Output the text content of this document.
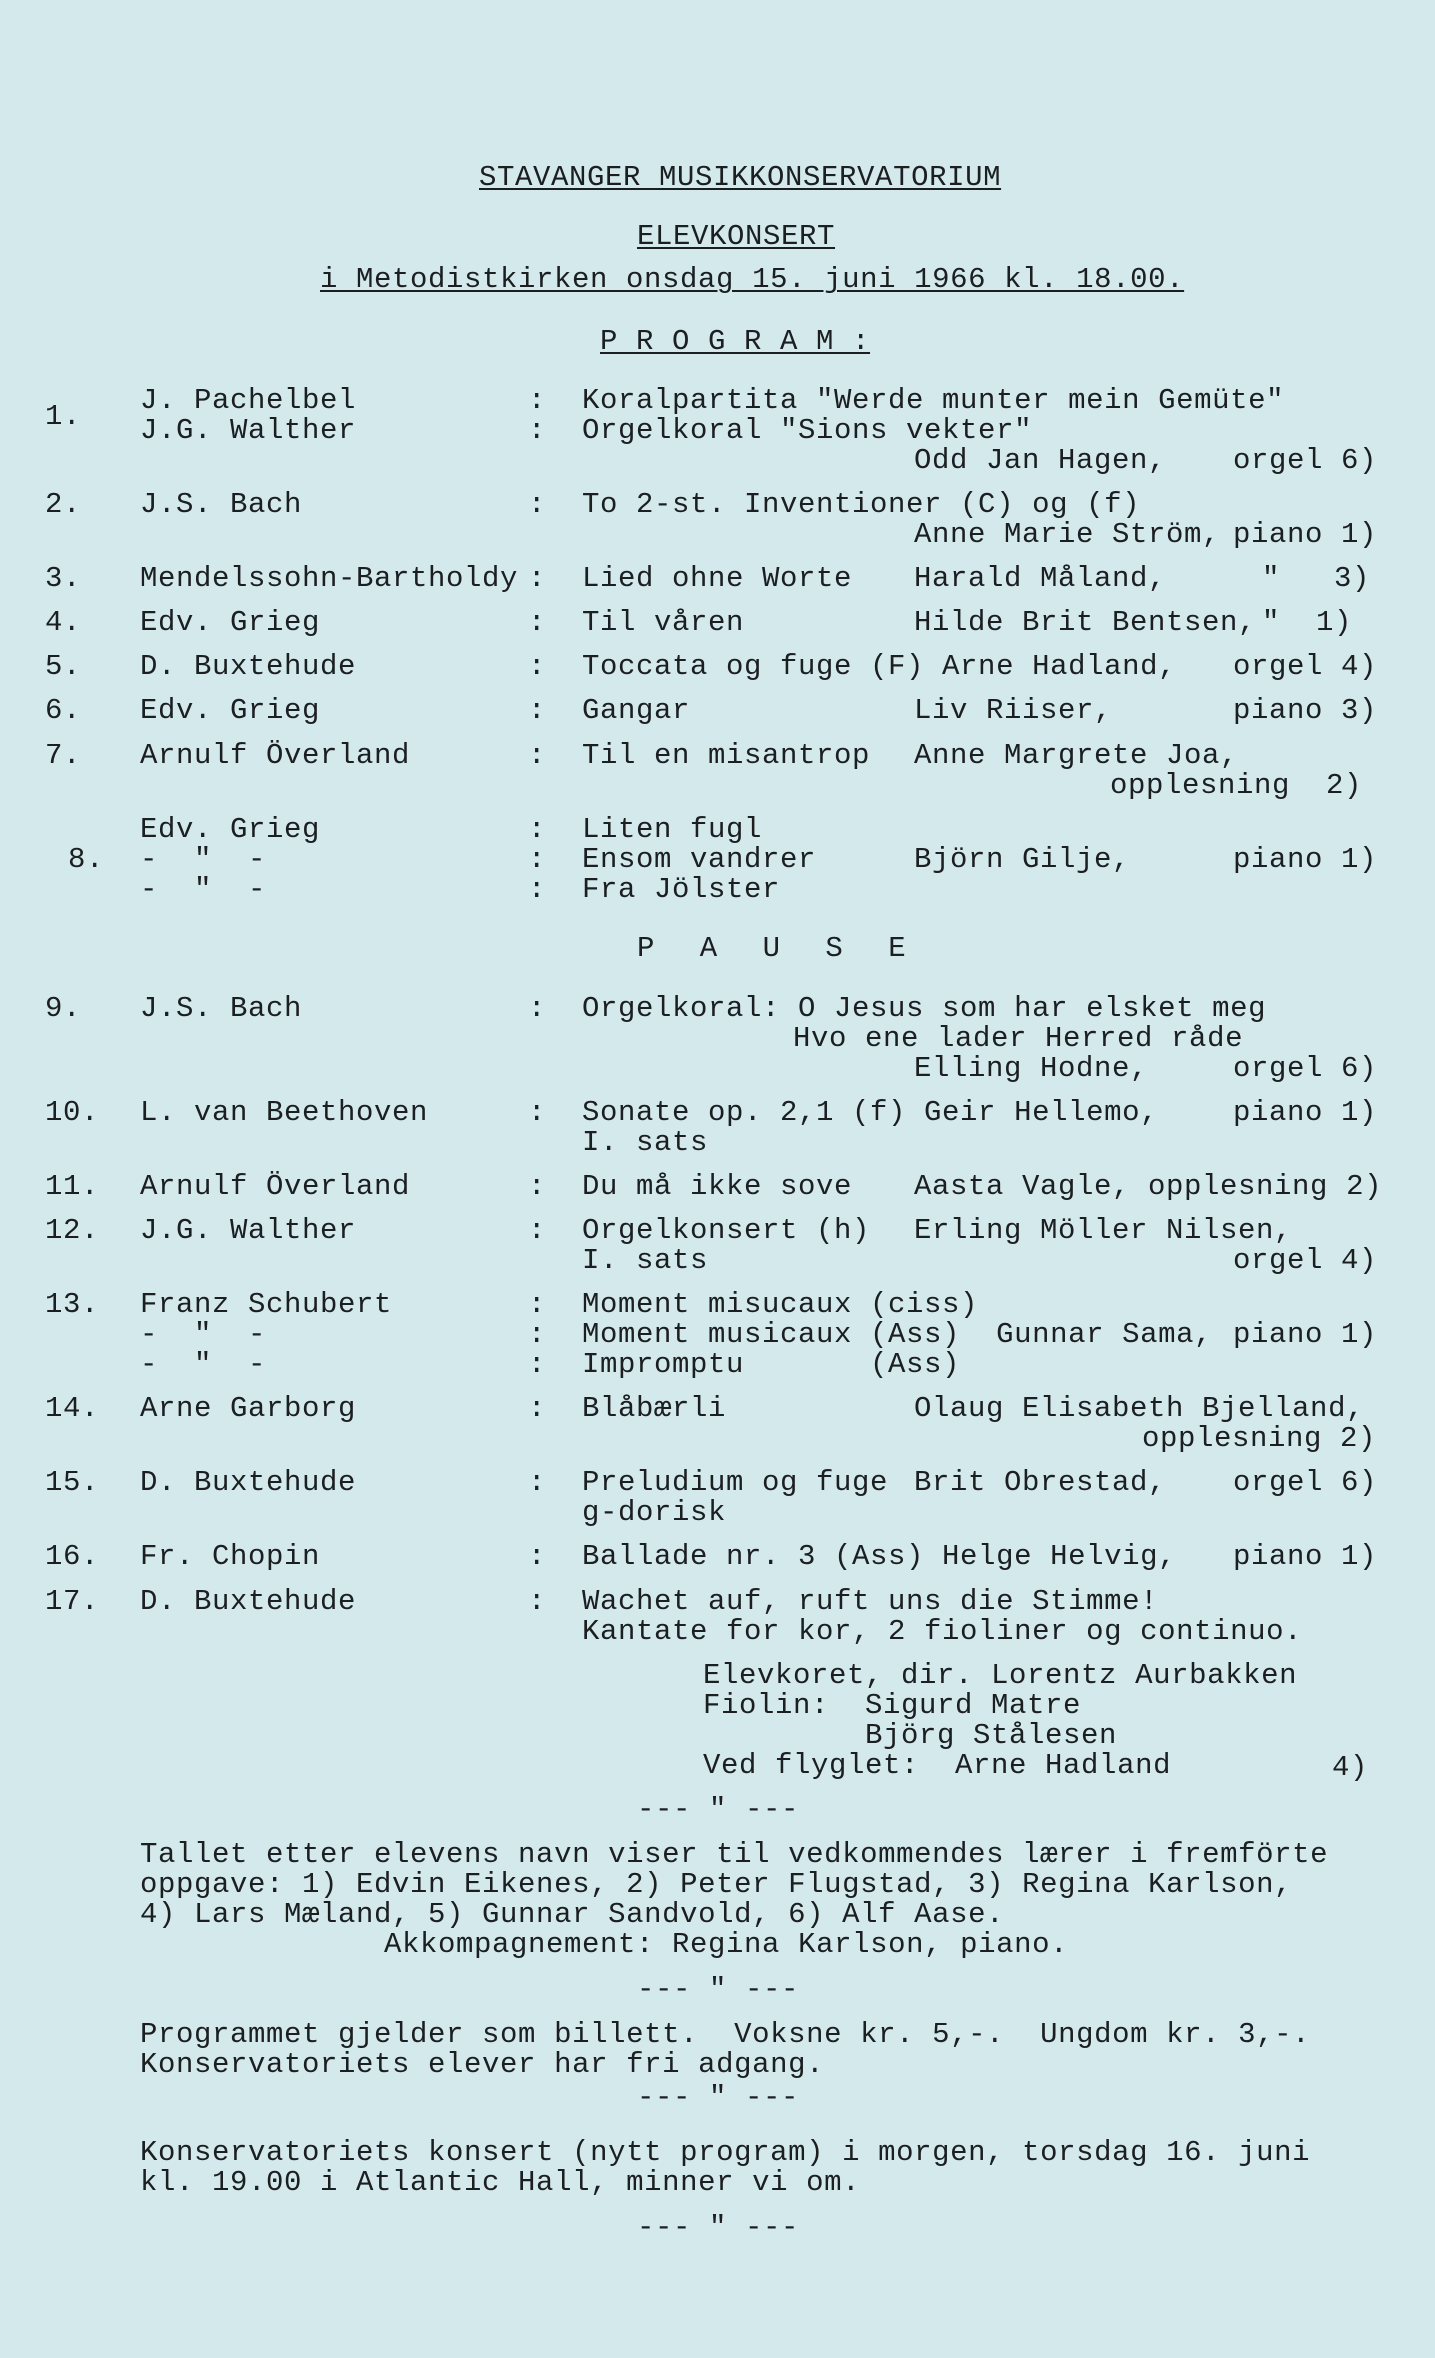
STAVANGER MUSIKKONSERVATORIUM
ELEVKONSERT
i Metodistkirken onsdag 15. juni 1966 kl. 18.00.
P R O G R A M :
1. J. Pachelbel	: Koralpartita "Werde munter mein Gemüte"
J.G. Walther	: Orgelkoral "Sions vekter"
Odd Jan Hagen, orgel 6)
2. J.S. Bach	: To 2-st. Inventioner (C) og (f)
Anne Marie Ström, piano 1)
3. Mendelssohn-Bartholdy : Lied ohne Worte Harald Måland,	"   3)
4. Edv. Grieg	: Til våren	Hilde Brit Bentsen, "  1)
5. D. Buxtehude	: Toccata og fuge (F) Arne Hadland, orgel 4)
6. Edv. Grieg	: Gangar	Liv Riiser,	piano 3)
7. Arnulf Överland	: Til en misantrop Anne Margrete Joa,
opplesning  2)
Edv. Grieg	: Liten fugl
8. -  "  -	: Ensom vandrer	Björn Gilje,	piano 1)
-  "  -	: Fra Jölster
P A U S E
9. J.S. Bach	: Orgelkoral: O Jesus som har elsket meg
Hvo ene lader Herred råde
Elling Hodne,	orgel 6)
10. L. van Beethoven	: Sonate op. 2,1 (f) Geir Hellemo,	piano 1)
I. sats
11. Arnulf Överland	: Du må ikke sove Aasta Vagle, opplesning 2)
12. J.G. Walther	: Orgelkonsert (h) Erling Möller Nilsen,
I. sats	orgel 4)
13. Franz Schubert	: Moment misucaux (ciss)
-  "  -	: Moment musicaux (Ass)  Gunnar Sama, piano 1)
-  "  -	: Impromptu       (Ass)
14. Arne Garborg	: Blåbærli	Olaug Elisabeth Bjelland,
opplesning 2)
15. D. Buxtehude	: Preludium og fuge Brit Obrestad, orgel 6)
g-dorisk
16. Fr. Chopin	: Ballade nr. 3 (Ass) Helge Helvig, piano 1)
17. D. Buxtehude	: Wachet auf, ruft uns die Stimme!
Kantate for kor, 2 fioliner og continuo.
Elevkoret, dir. Lorentz Aurbakken
Fiolin:  Sigurd Matre
Björg Stålesen
Ved flyglet:  Arne Hadland	4)
--- " ---
Tallet etter elevens navn viser til vedkommendes lærer i fremförte
oppgave: 1) Edvin Eikenes, 2) Peter Flugstad, 3) Regina Karlson,
4) Lars Mæland, 5) Gunnar Sandvold, 6) Alf Aase.
Akkompagnement: Regina Karlson, piano.
--- " ---
Programmet gjelder som billett.  Voksne kr. 5,-.  Ungdom kr. 3,-.
Konservatoriets elever har fri adgang.
--- " ---
Konservatoriets konsert (nytt program) i morgen, torsdag 16. juni
kl. 19.00 i Atlantic Hall, minner vi om.
--- " ---
